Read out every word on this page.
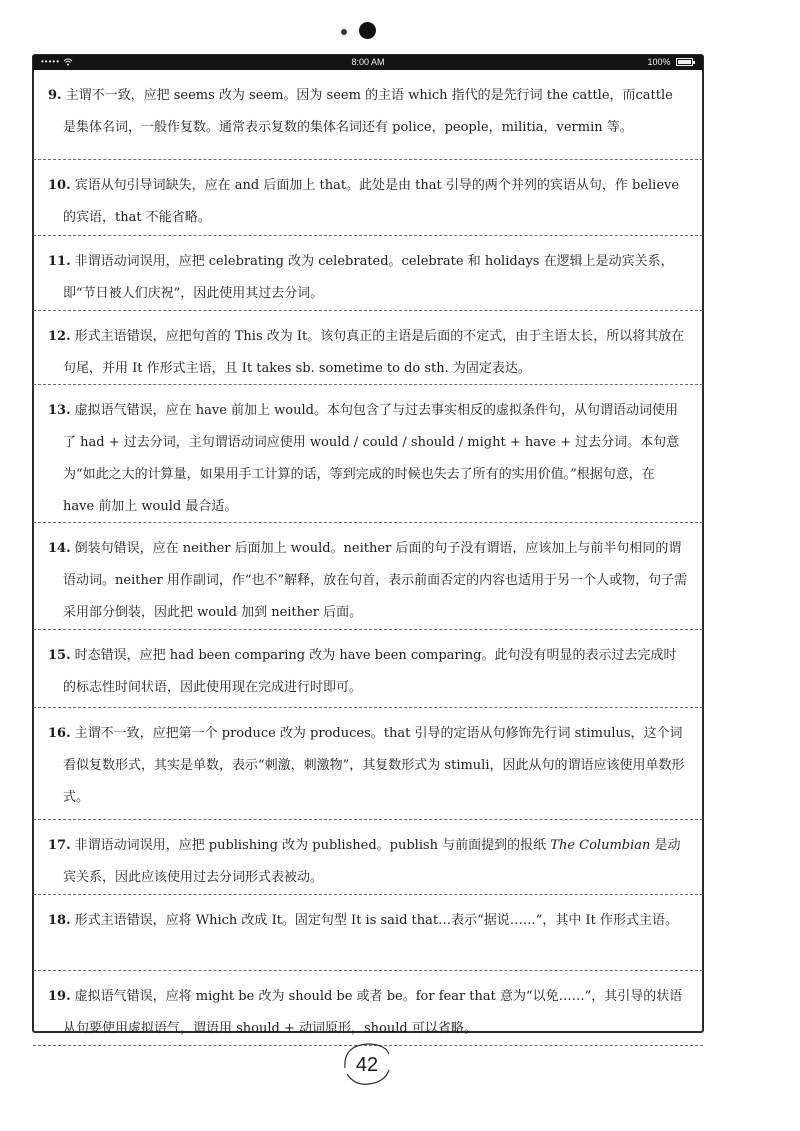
•••••	8:00 AM	100%

9. 主谓不一致，应把 seems 改为 seem。因为 seem 的主语 which 指代的是先行词 the cattle，而cattle 是集体名词，一般作复数。通常表示复数的集体名词还有 police，people，militia，vermin 等。

10. 宾语从句引导词缺失，应在 and 后面加上 that。此处是由 that 引导的两个并列的宾语从句，作 believe 的宾语，that 不能省略。

11. 非谓语动词误用，应把 celebrating 改为 celebrated。celebrate 和 holidays 在逻辑上是动宾关系，即“节日被人们庆祝”，因此使用其过去分词。

12. 形式主语错误，应把句首的 This 改为 It。该句真正的主语是后面的不定式，由于主语太长，所以将其放在句尾，并用 It 作形式主语，且 It takes sb. sometime to do sth. 为固定表达。

13. 虚拟语气错误，应在 have 前加上 would。本句包含了与过去事实相反的虚拟条件句，从句谓语动词使用了 had + 过去分词，主句谓语动词应使用 would / could / should / might + have + 过去分词。本句意为“如此之大的计算量，如果用手工计算的话，等到完成的时候也失去了所有的实用价值。”根据句意，在 have 前加上 would 最合适。

14. 倒装句错误，应在 neither 后面加上 would。neither 后面的句子没有谓语，应该加上与前半句相同的谓语动词。neither 用作副词，作“也不”解释，放在句首，表示前面否定的内容也适用于另一个人或物，句子需采用部分倒装，因此把 would 加到 neither 后面。

15. 时态错误，应把 had been comparing 改为 have been comparing。此句没有明显的表示过去完成时的标志性时间状语，因此使用现在完成进行时即可。

16. 主谓不一致，应把第一个 produce 改为 produces。that 引导的定语从句修饰先行词 stimulus，这个词看似复数形式，其实是单数，表示“刺激，刺激物”，其复数形式为 stimuli，因此从句的谓语应该使用单数形式。

17. 非谓语动词误用，应把 publishing 改为 published。publish 与前面提到的报纸 The Columbian 是动宾关系，因此应该使用过去分词形式表被动。

18. 形式主语错误，应将 Which 改成 It。固定句型 It is said that…表示“据说……”，其中 It 作形式主语。

19. 虚拟语气错误，应将 might be 改为 should be 或者 be。for fear that 意为“以免……”，其引导的状语从句要使用虚拟语气，谓语用 should + 动词原形，should 可以省略。

42
